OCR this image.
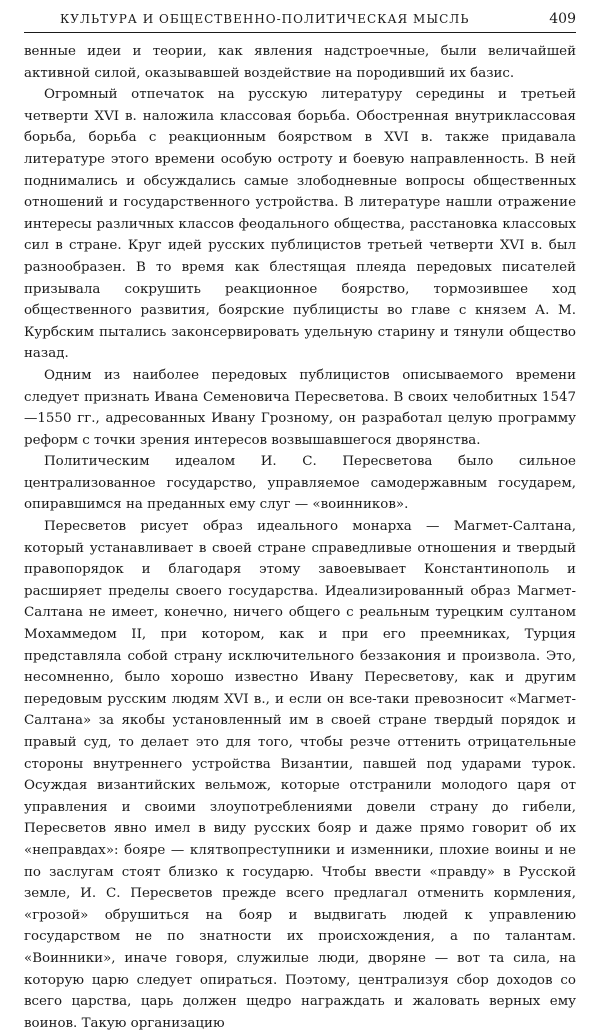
КУЛЬТУРА И ОБЩЕСТВЕННО-ПОЛИТИЧЕСКАЯ МЫСЛЬ	409

венные идеи и теории, как явления надстроечные, были величайшей активной силой, оказывавшей воздействие на породивший их базис.

Огромный отпечаток на русскую литературу середины и третьей четверти XVI в. наложила классовая борьба. Обостренная внутриклассовая борьба, борьба с реакционным боярством в XVI в. также придавала литературе этого времени особую остроту и боевую направленность. В ней поднимались и обсуждались самые злободневные вопросы общественных отношений и государственного устройства. В литературе нашли отражение интересы различных классов феодального общества, расстановка классовых сил в стране. Круг идей русских публицистов третьей четверти XVI в. был разнообразен. В то время как блестящая плеяда передовых писателей призывала сокрушить реакционное боярство, тормозившее ход общественного развития, боярские публицисты во главе с князем А. М. Курбским пытались законсервировать удельную старину и тянули общество назад.

Одним из наиболее передовых публицистов описываемого времени следует признать Ивана Семеновича Пересветова. В своих челобитных 1547—1550 гг., адресованных Ивану Грозному, он разработал целую программу реформ с точки зрения интересов возвышавшегося дворянства.

Политическим идеалом И. С. Пересветова было сильное централизованное государство, управляемое самодержавным государем, опиравшимся на преданных ему слуг — «воинников».

Пересветов рисует образ идеального монарха — Магмет-Салтана, который устанавливает в своей стране справедливые отношения и твердый правопорядок и благодаря этому завоевывает Константинополь и расширяет пределы своего государства. Идеализированный образ Магмет-Салтана не имеет, конечно, ничего общего с реальным турецким султаном Мохаммедом II, при котором, как и при его преемниках, Турция представляла собой страну исключительного беззакония и произвола. Это, несомненно, было хорошо известно Ивану Пересветову, как и другим передовым русским людям XVI в., и если он все-таки превозносит «Магмет-Салтана» за якобы установленный им в своей стране твердый порядок и правый суд, то делает это для того, чтобы резче оттенить отрицательные стороны внутреннего устройства Византии, павшей под ударами турок. Осуждая византийских вельмож, которые отстранили молодого царя от управления и своими злоупотреблениями довели страну до гибели, Пересветов явно имел в виду русских бояр и даже прямо говорит об их «неправдах»: бояре — клятвопреступники и изменники, плохие воины и не по заслугам стоят близко к государю. Чтобы ввести «правду» в Русской земле, И. С. Пересветов прежде всего предлагал отменить кормления, «грозой» обрушиться на бояр и выдвигать людей к управлению государством не по знатности их происхождения, а по талантам. «Воинники», иначе говоря, служилые люди, дворяне — вот та сила, на которую царю следует опираться. Поэтому, централизуя сбор доходов со всего царства, царь должен щедро награждать и жаловать верных ему воинов. Такую организацию
